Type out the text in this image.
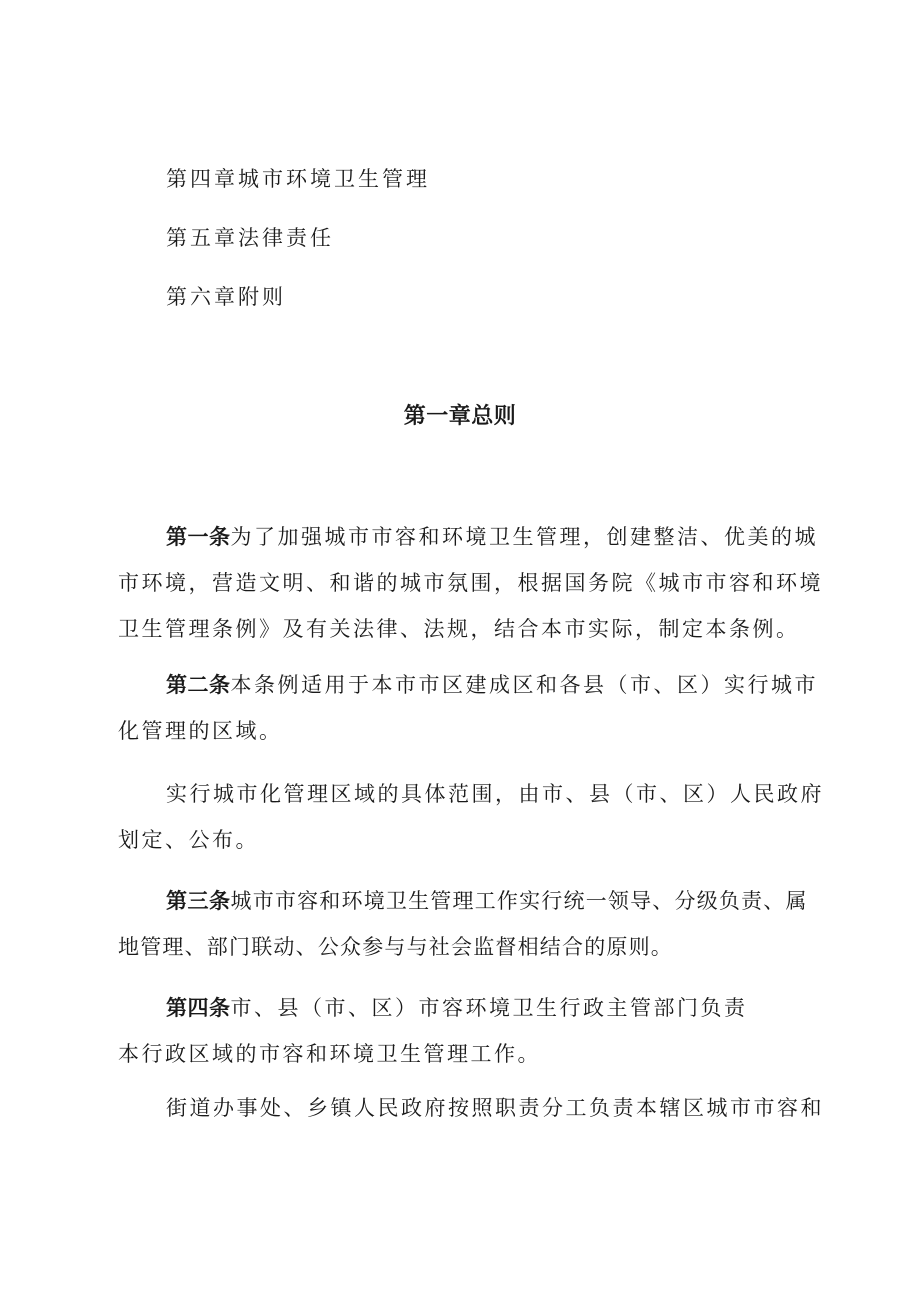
第四章城市环境卫生管理
第五章法律责任
第六章附则
第一章总则

第一条为了加强城市市容和环境卫生管理，创建整洁、优美的城市环境，营造文明、和谐的城市氛围，根据国务院《城市市容和环境卫生管理条例》及有关法律、法规，结合本市实际，制定本条例。

第二条本条例适用于本市市区建成区和各县（市、区）实行城市化管理的区域。

实行城市化管理区域的具体范围，由市、县（市、区）人民政府划定、公布。

第三条城市市容和环境卫生管理工作实行统一领导、分级负责、属地管理、部门联动、公众参与与社会监督相结合的原则。

第四条市、县（市、区）市容环境卫生行政主管部门负责

本行政区域的市容和环境卫生管理工作。

街道办事处、乡镇人民政府按照职责分工负责本辖区城市市容和
